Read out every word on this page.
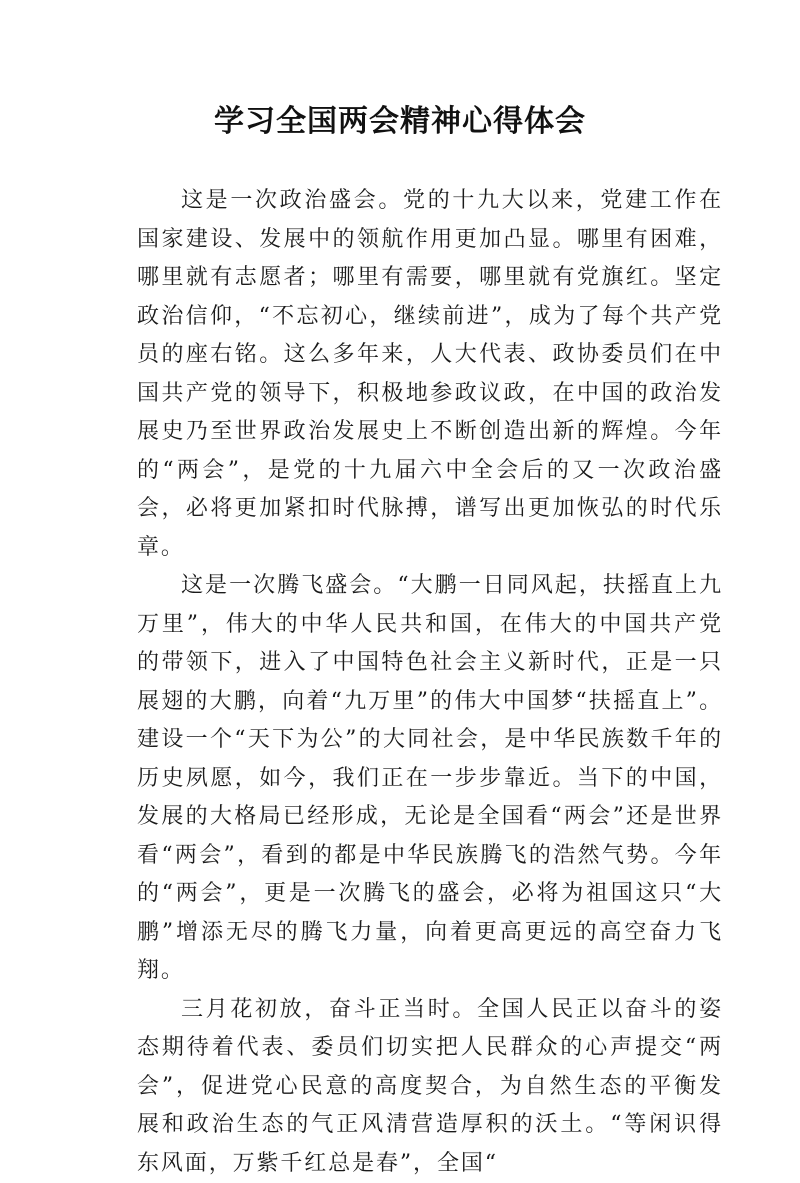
学习全国两会精神心得体会

这是一次政治盛会。党的十九大以来，党建工作在国家建设、发展中的领航作用更加凸显。哪里有困难，哪里就有志愿者；哪里有需要，哪里就有党旗红。坚定政治信仰，“不忘初心，继续前进”，成为了每个共产党员的座右铭。这么多年来，人大代表、政协委员们在中国共产党的领导下，积极地参政议政，在中国的政治发展史乃至世界政治发展史上不断创造出新的辉煌。今年的“两会”，是党的十九届六中全会后的又一次政治盛会，必将更加紧扣时代脉搏，谱写出更加恢弘的时代乐章。

这是一次腾飞盛会。“大鹏一日同风起，扶摇直上九万里”，伟大的中华人民共和国，在伟大的中国共产党的带领下，进入了中国特色社会主义新时代，正是一只展翅的大鹏，向着“九万里”的伟大中国梦“扶摇直上”。建设一个“天下为公”的大同社会，是中华民族数千年的历史夙愿，如今，我们正在一步步靠近。当下的中国，发展的大格局已经形成，无论是全国看“两会”还是世界看“两会”，看到的都是中华民族腾飞的浩然气势。今年的“两会”，更是一次腾飞的盛会，必将为祖国这只“大鹏”增添无尽的腾飞力量，向着更高更远的高空奋力飞翔。

三月花初放，奋斗正当时。全国人民正以奋斗的姿态期待着代表、委员们切实把人民群众的心声提交“两会”，促进党心民意的高度契合，为自然生态的平衡发展和政治生态的气正风清营造厚积的沃土。“等闲识得东风面，万紫千红总是春”，全国“
